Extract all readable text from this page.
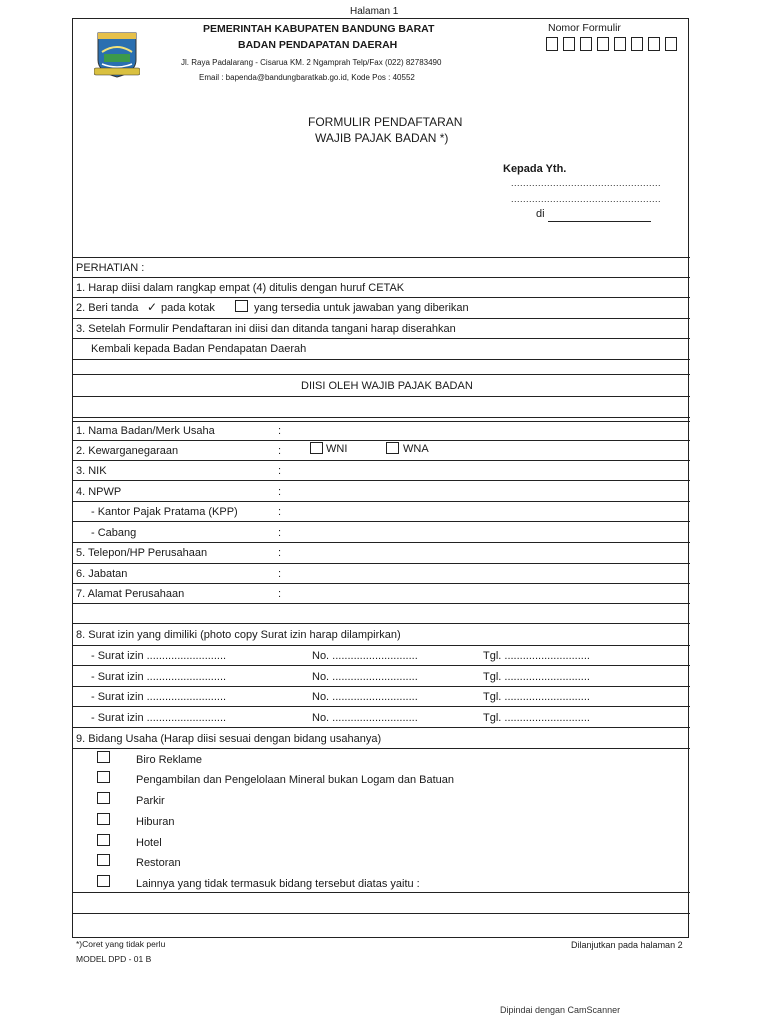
Halaman 1
PEMERINTAH KABUPATEN BANDUNG BARAT
BADAN PENDAPATAN DAERAH
Jl. Raya Padalarang - Cisarua KM. 2 Ngamprah Telp/Fax (022) 82783490
Email : bapenda@bandungbaratkab.go.id, Kode Pos : 40552
Nomor Formulir
FORMULIR PENDAFTARAN
WAJIB PAJAK BADAN *)
Kepada Yth.
..................................................
..................................................
di
PERHATIAN :
1. Harap diisi dalam rangkap empat (4) ditulis dengan huruf CETAK
2. Beri tanda ✓ pada kotak	yang tersedia untuk jawaban yang diberikan
3. Setelah Formulir Pendaftaran ini diisi dan ditanda tangani harap diserahkan
Kembali kepada Badan Pendapatan Daerah
DIISI OLEH WAJIB PAJAK BADAN
1. Nama Badan/Merk Usaha	:
2. Kewarganegaraan	:	WNI	WNA
3. NIK	:
4. NPWP	:
- Kantor Pajak Pratama (KPP)	:
- Cabang	:
5. Telepon/HP Perusahaan	:
6. Jabatan	:
7. Alamat Perusahaan	:
8. Surat izin yang dimiliki (photo copy Surat izin harap dilampirkan)
- Surat izin ..........................	No. ............................	Tgl. ............................
- Surat izin ..........................	No. ............................	Tgl. ............................
- Surat izin ..........................	No. ............................	Tgl. ............................
- Surat izin ..........................	No. ............................	Tgl. ............................
9. Bidang Usaha (Harap diisi sesuai dengan bidang usahanya)
Biro Reklame
Pengambilan dan Pengelolaan Mineral bukan Logam dan Batuan
Parkir
Hiburan
Hotel
Restoran
Lainnya yang tidak termasuk bidang tersebut diatas yaitu :
*)Coret yang tidak perlu
MODEL DPD - 01 B
Dilanjutkan pada halaman 2
Dipindai dengan CamScanner
